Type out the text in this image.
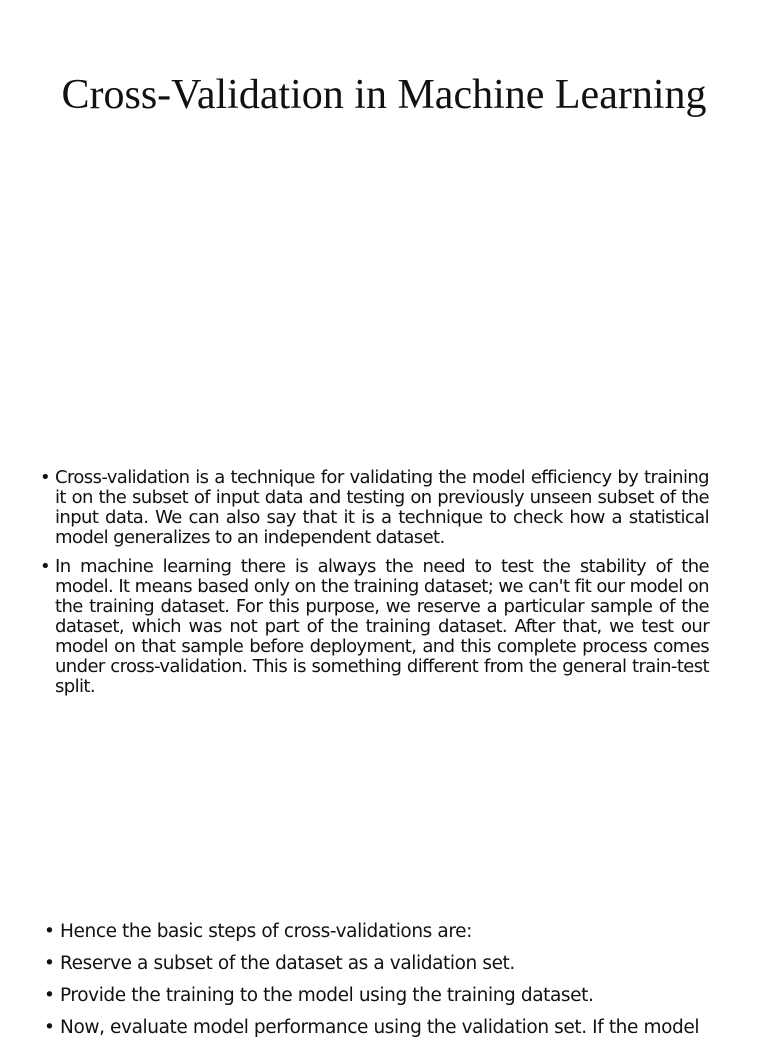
Cross-Validation in Machine Learning
• Cross-validation is a technique for validating the model efficiency by training it on the subset of input data and testing on previously unseen subset of the input data. We can also say that it is a technique to check how a statistical model generalizes to an independent dataset.
• In machine learning there is always the need to test the stability of the model. It means based only on the training dataset; we can't fit our model on the training dataset. For this purpose, we reserve a particular sample of the dataset, which was not part of the training dataset. After that, we test our model on that sample before deployment, and this complete process comes under cross-validation. This is something different from the general train-test split.
• Hence the basic steps of cross-validations are:
• Reserve a subset of the dataset as a validation set.
• Provide the training to the model using the training dataset.
• Now, evaluate model performance using the validation set. If the model
